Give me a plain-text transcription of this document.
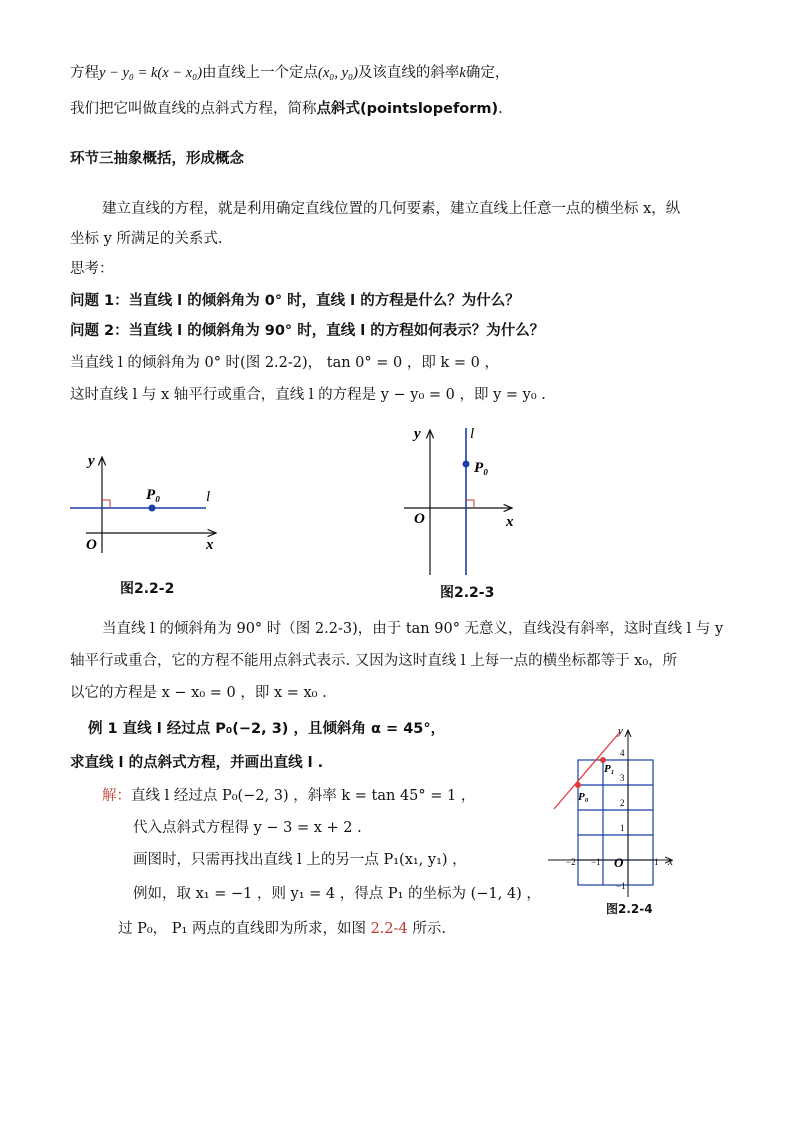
方程y − y₀ = k(x − x₀)由直线上一个定点(x₀, y₀)及该直线的斜率k确定，
我们把它叫做直线的点斜式方程，简称点斜式(pointslopeform).
环节三抽象概括，形成概念
建立直线的方程，就是利用确定直线位置的几何要素，建立直线上任意一点的横坐标 x，纵
坐标 y 所满足的关系式.
思考：
问题 1：当直线 l 的倾斜角为 0° 时，直线 l 的方程是什么？为什么？
问题 2：当直线 l 的倾斜角为 90° 时，直线 l 的方程如何表示？为什么？
当直线 l 的倾斜角为 0° 时(图 2.2-2)， tan 0° = 0 ，即 k = 0 ，
这时直线 l 与 x 轴平行或重合，直线 l 的方程是 y − y₀ = 0 ，即 y = y₀ .
y
x
O
P₀	l
图2.2-2
y	l
P₀
O	x
图2.2-3
当直线 l 的倾斜角为 90° 时（图 2.2-3)，由于 tan 90° 无意义，直线没有斜率，这时直线 l 与 y
轴平行或重合，它的方程不能用点斜式表示. 又因为这时直线 l 上每一点的横坐标都等于 x₀，所
以它的方程是 x − x₀ = 0 ，即 x = x₀ .
例 1 直线 l 经过点 P₀(−2, 3) ，且倾斜角 α = 45°，
求直线 l 的点斜式方程，并画出直线 l .
解：直线 l 经过点 P₀(−2, 3) ，斜率 k = tan 45° = 1 ，
代入点斜式方程得 y − 3 = x + 2 .
画图时，只需再找出直线 l 上的另一点 P₁(x₁, y₁) ，
例如，取 x₁ = −1 ，则 y₁ = 4 ，得点 P₁ 的坐标为 (−1, 4) ，
过 P₀， P₁ 两点的直线即为所求，如图 2.2-4 所示.
y
x
O
P₀
P₁
4
3
2
1
−1
−2 −1	1
图2.2-4
